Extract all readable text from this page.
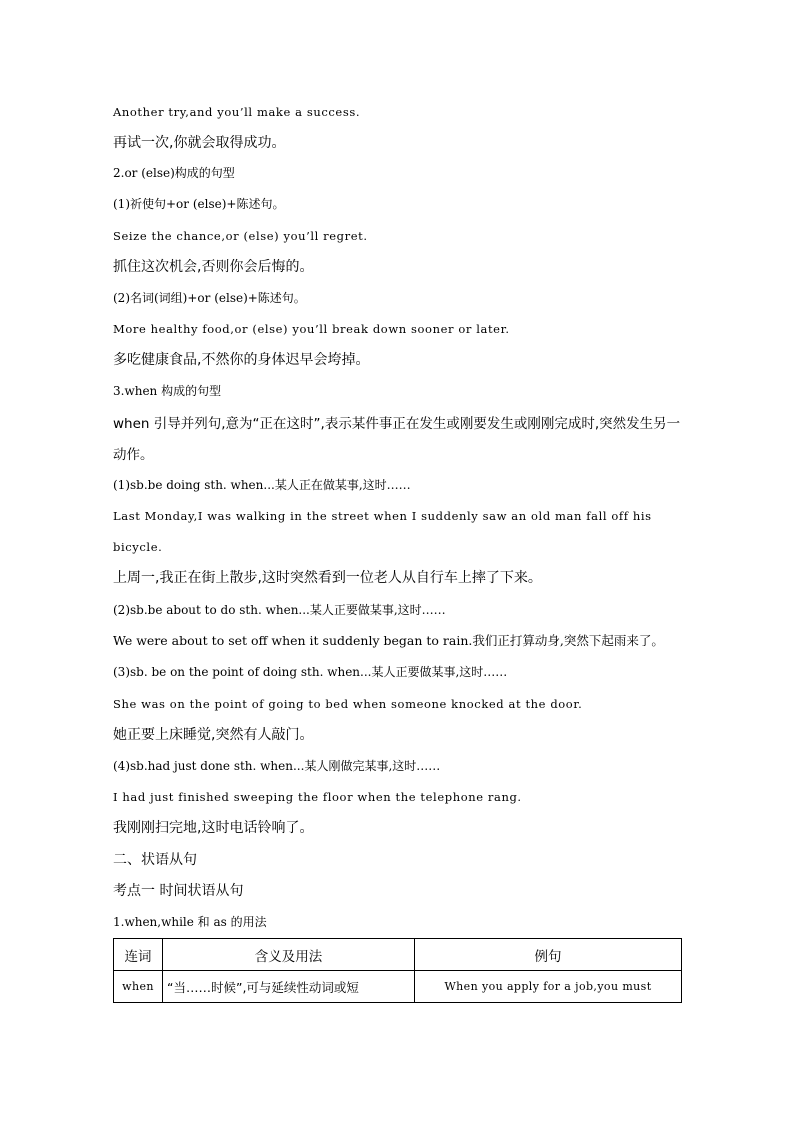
Another try,and you’ll make a success.
再试一次,你就会取得成功。
2.or (else)构成的句型
(1)祈使句+or (else)+陈述句。
Seize the chance,or (else) you’ll regret.
抓住这次机会,否则你会后悔的。
(2)名词(词组)+or (else)+陈述句。
More healthy food,or (else) you’ll break down sooner or later.
多吃健康食品,不然你的身体迟早会垮掉。
3.when 构成的句型
when 引导并列句,意为“正在这时”,表示某件事正在发生或刚要发生或刚刚完成时,突然发生另一动作。
(1)sb.be doing sth. when...某人正在做某事,这时……
Last Monday,I was walking in the street when I suddenly saw an old man fall off his
bicycle.
上周一,我正在街上散步,这时突然看到一位老人从自行车上摔了下来。
(2)sb.be about to do sth. when...某人正要做某事,这时……
We were about to set off when it suddenly began to rain.我们正打算动身,突然下起雨来了。
(3)sb. be on the point of doing sth. when...某人正要做某事,这时……
She was on the point of going to bed when someone knocked at the door.
她正要上床睡觉,突然有人敲门。
(4)sb.had just done sth. when...某人刚做完某事,这时……
I had just finished sweeping the floor when the telephone rang.
我刚刚扫完地,这时电话铃响了。
二、状语从句
考点一 时间状语从句
1.when,while 和 as 的用法
连词	含义及用法	例句
when	“当……时候”,可与延续性动词或短	When you apply for a job,you must
